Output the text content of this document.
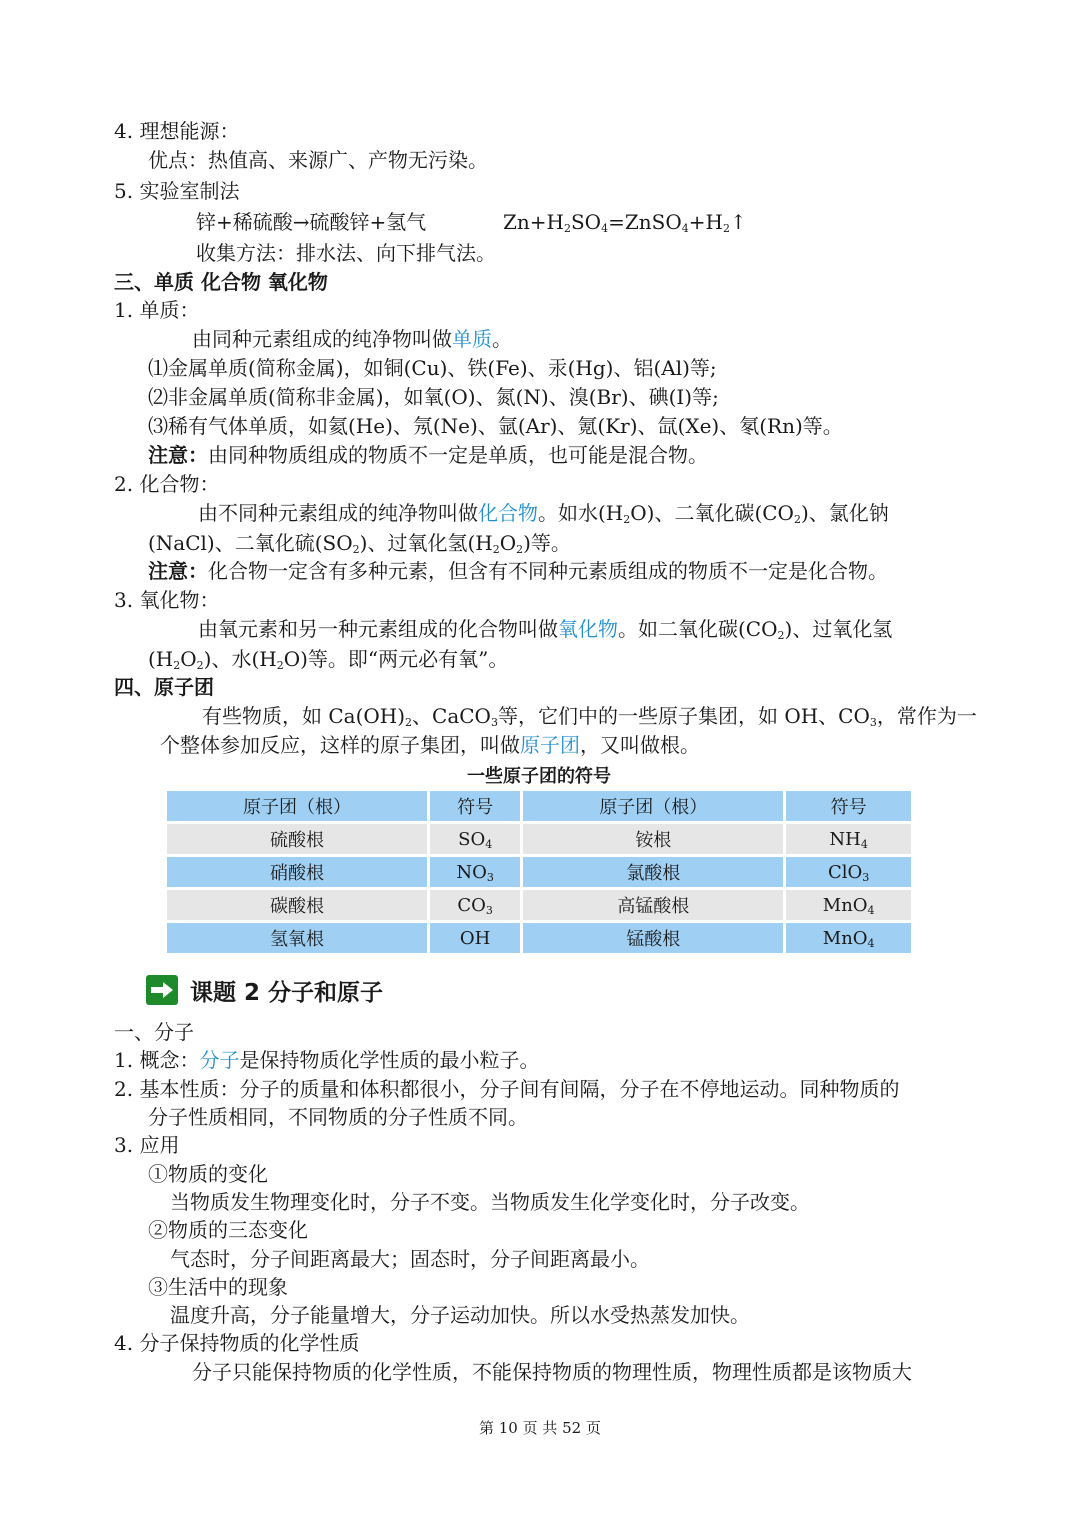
4. 理想能源：
优点：热值高、来源广、产物无污染。
5. 实验室制法
锌+稀硫酸→硫酸锌+氢气	$Zn+H_2SO_4=ZnSO_4+H_2↑$
收集方法：排水法、向下排气法。
三、单质 化合物 氧化物
1. 单质：
由同种元素组成的纯净物叫做单质。
⑴金属单质(简称金属)，如铜(Cu)、铁(Fe)、汞(Hg)、铝(Al)等;
⑵非金属单质(简称非金属)，如氧(O)、氮(N)、溴(Br)、碘(I)等;
⑶稀有气体单质，如氦(He)、氖(Ne)、氩(Ar)、氪(Kr)、氙(Xe)、氡(Rn)等。
注意：由同种物质组成的物质不一定是单质，也可能是混合物。
2. 化合物：
由不同种元素组成的纯净物叫做化合物。如水$(H_2O)$、二氧化碳$(CO_2)$、氯化钠
(NaCl)、二氧化硫$(SO_2)$、过氧化氢$(H_2O_2)$等。
注意：化合物一定含有多种元素，但含有不同种元素质组成的物质不一定是化合物。
3. 氧化物：
由氧元素和另一种元素组成的化合物叫做氧化物。如二氧化碳$(CO_2)$、过氧化氢
$(H_2O_2)$、水$(H_2O)$等。即“两元必有氧”。
四、原子团
有些物质，如 $Ca(OH)_2$、CaCO$_3$等，它们中的一些原子集团，如 OH、$CO_3$，常作为一
个整体参加反应，这样的原子集团，叫做原子团，又叫做根。
一些原子团的符号
原子团（根）	符号	原子团（根）	符号
硫酸根	$SO_4$	铵根	$NH_4$
硝酸根	$NO_3$	氯酸根	ClO$_3$
碳酸根	$CO_3$	高锰酸根	MnO$_4$
氢氧根	OH	锰酸根	MnO$_4$
课题 2 分子和原子
一、分子
1. 概念：分子是保持物质化学性质的最小粒子。
2. 基本性质：分子的质量和体积都很小，分子间有间隔，分子在不停地运动。同种物质的
分子性质相同，不同物质的分子性质不同。
3. 应用
①物质的变化
当物质发生物理变化时，分子不变。当物质发生化学变化时，分子改变。
②物质的三态变化
气态时，分子间距离最大；固态时，分子间距离最小。
③生活中的现象
温度升高，分子能量增大，分子运动加快。所以水受热蒸发加快。
4. 分子保持物质的化学性质
分子只能保持物质的化学性质，不能保持物质的物理性质，物理性质都是该物质大
第 10 页 共 52 页
